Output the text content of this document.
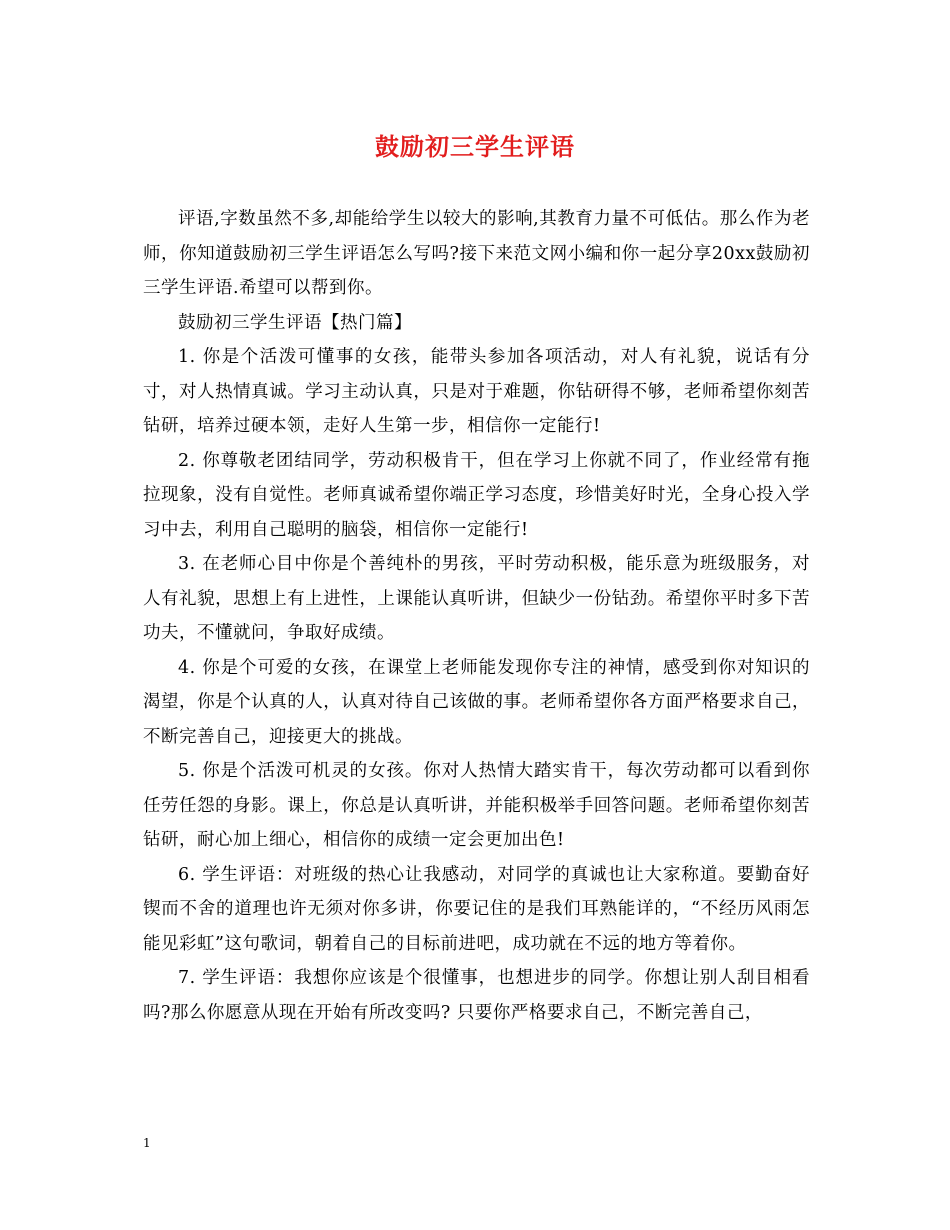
鼓励初三学生评语

评语,字数虽然不多,却能给学生以较大的影响,其教育力量不可低估。那么作为老师，你知道鼓励初三学生评语怎么写吗?接下来范文网小编和你一起分享20xx鼓励初三学生评语.希望可以帮到你。

鼓励初三学生评语【热门篇】

1. 你是个活泼可懂事的女孩，能带头参加各项活动，对人有礼貌，说话有分寸，对人热情真诚。学习主动认真，只是对于难题，你钻研得不够，老师希望你刻苦钻研，培养过硬本领，走好人生第一步，相信你一定能行!

2. 你尊敬老团结同学，劳动积极肯干，但在学习上你就不同了，作业经常有拖拉现象，没有自觉性。老师真诚希望你端正学习态度，珍惜美好时光，全身心投入学习中去，利用自己聪明的脑袋，相信你一定能行!

3. 在老师心目中你是个善纯朴的男孩，平时劳动积极，能乐意为班级服务，对人有礼貌，思想上有上进性，上课能认真听讲，但缺少一份钻劲。希望你平时多下苦功夫，不懂就问，争取好成绩。

4. 你是个可爱的女孩，在课堂上老师能发现你专注的神情，感受到你对知识的渴望，你是个认真的人，认真对待自己该做的事。老师希望你各方面严格要求自己，不断完善自己，迎接更大的挑战。

5. 你是个活泼可机灵的女孩。你对人热情大踏实肯干，每次劳动都可以看到你任劳任怨的身影。课上，你总是认真听讲，并能积极举手回答问题。老师希望你刻苦钻研，耐心加上细心，相信你的成绩一定会更加出色!

6. 学生评语：对班级的热心让我感动，对同学的真诚也让大家称道。要勤奋好锲而不舍的道理也许无须对你多讲，你要记住的是我们耳熟能详的，“不经历风雨怎能见彩虹”这句歌词，朝着自己的目标前进吧，成功就在不远的地方等着你。

7. 学生评语：我想你应该是个很懂事，也想进步的同学。你想让别人刮目相看吗?那么你愿意从现在开始有所改变吗? 只要你严格要求自己，不断完善自己，

1
